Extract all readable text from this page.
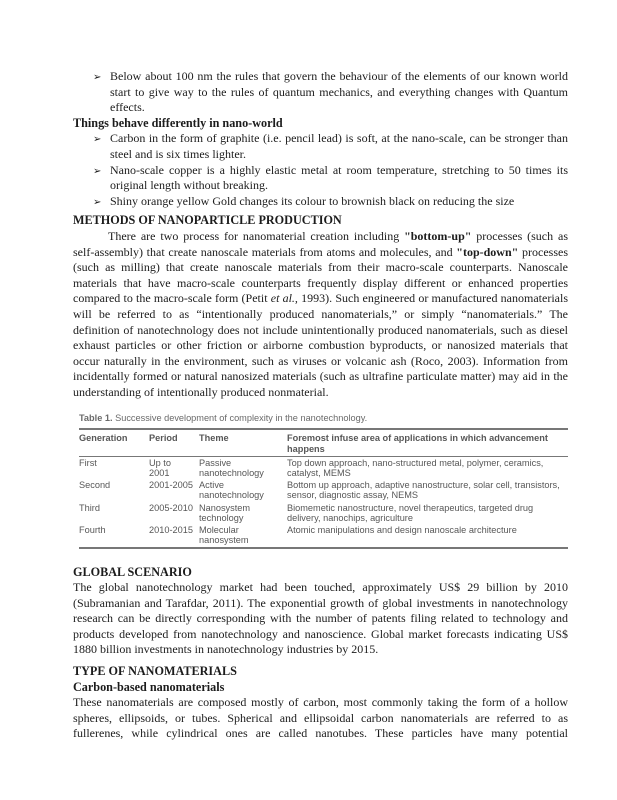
➢ Below about 100 nm the rules that govern the behaviour of the elements of our known world start to give way to the rules of quantum mechanics, and everything changes with Quantum effects.

Things behave differently in nano-world

➢ Carbon in the form of graphite (i.e. pencil lead) is soft, at the nano-scale, can be stronger than steel and is six times lighter.
➢ Nano-scale copper is a highly elastic metal at room temperature, stretching to 50 times its original length without breaking.
➢ Shiny orange yellow Gold changes its colour to brownish black on reducing the size

METHODS OF NANOPARTICLE PRODUCTION

There are two process for nanomaterial creation including "bottom-up" processes (such as self-assembly) that create nanoscale materials from atoms and molecules, and "top-down" processes (such as milling) that create nanoscale materials from their macro-scale counterparts. Nanoscale materials that have macro-scale counterparts frequently display different or enhanced properties compared to the macro-scale form (Petit et al., 1993). Such engineered or manufactured nanomaterials will be referred to as “intentionally produced nanomaterials,” or simply “nanomaterials.” The definition of nanotechnology does not include unintentionally produced nanomaterials, such as diesel exhaust particles or other friction or airborne combustion byproducts, or nanosized materials that occur naturally in the environment, such as viruses or volcanic ash (Roco, 2003). Information from incidentally formed or natural nanosized materials (such as ultrafine particulate matter) may aid in the understanding of intentionally produced nonmaterial.

Table 1. Successive development of complexity in the nanotechnology.

Generation	Period	Theme	Foremost infuse area of applications in which advancement happens
First	Up to 2001	Passive nanotechnology	Top down approach, nano-structured metal, polymer, ceramics, catalyst, MEMS
Second	2001-2005	Active nanotechnology	Bottom up approach, adaptive nanostructure, solar cell, transistors, sensor, diagnostic assay, NEMS
Third	2005-2010	Nanosystem technology	Biomemetic nanostructure, novel therapeutics, targeted drug delivery, nanochips, agriculture
Fourth	2010-2015	Molecular nanosystem	Atomic manipulations and design nanoscale architecture

GLOBAL SCENARIO

The global nanotechnology market had been touched, approximately US$ 29 billion by 2010 (Subramanian and Tarafdar, 2011). The exponential growth of global investments in nanotechnology research can be directly corresponding with the number of patents filing related to technology and products developed from nanotechnology and nanoscience. Global market forecasts indicating US$ 1880 billion investments in nanotechnology industries by 2015.

TYPE OF NANOMATERIALS

Carbon-based nanomaterials

These nanomaterials are composed mostly of carbon, most commonly taking the form of a hollow spheres, ellipsoids, or tubes. Spherical and ellipsoidal carbon nanomaterials are referred to as fullerenes, while cylindrical ones are called nanotubes. These particles have many potential
